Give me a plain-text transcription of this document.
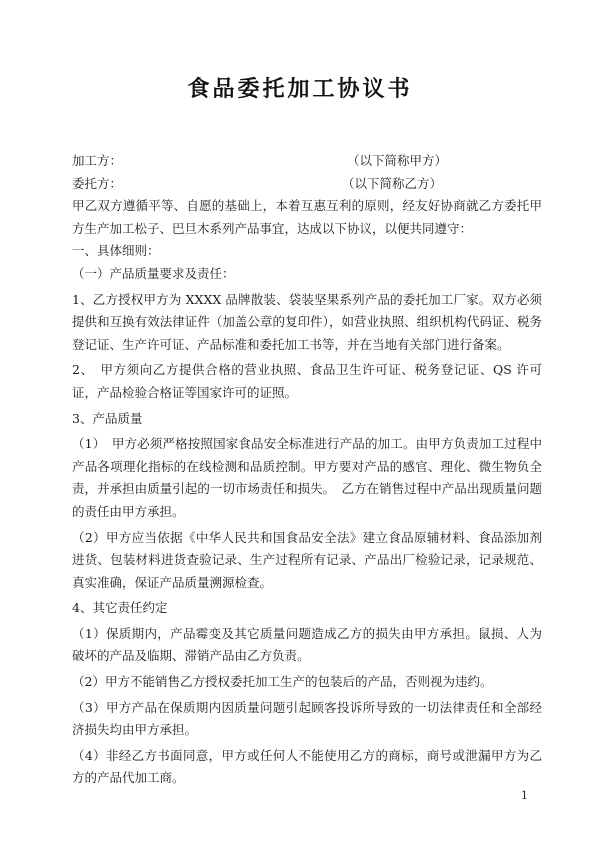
食品委托加工协议书
加工方：	（以下简称甲方）
委托方：	（以下简称乙方）

甲乙双方遵循平等、自愿的基础上，本着互惠互利的原则，经友好协商就乙方委托甲方生产加工松子、巴旦木系列产品事宜，达成以下协议，以便共同遵守：

一、具体细则：

（一）产品质量要求及责任：

1、乙方授权甲方为 XXXX 品牌散装、袋装坚果系列产品的委托加工厂家。双方必须提供和互换有效法律证件（加盖公章的复印件），如营业执照、组织机构代码证、税务登记证、生产许可证、产品标准和委托加工书等，并在当地有关部门进行备案。

2、　甲方须向乙方提供合格的营业执照、食品卫生许可证、税务登记证、QS 许可证，产品检验合格证等国家许可的证照。

3、产品质量

（1）　甲方必须严格按照国家食品安全标准进行产品的加工。由甲方负责加工过程中产品各项理化指标的在线检测和品质控制。甲方要对产品的感官、理化、微生物负全责，并承担由质量引起的一切市场责任和损失。　乙方在销售过程中产品出现质量问题的责任由甲方承担。

（2）甲方应当依据《中华人民共和国食品安全法》建立食品原辅材料、食品添加剂进货、包装材料进货查验记录、生产过程所有记录、产品出厂检验记录，记录规范、真实准确，保证产品质量溯源检查。

4、其它责任约定

（1）保质期内，产品霉变及其它质量问题造成乙方的损失由甲方承担。鼠损、人为破坏的产品及临期、滞销产品由乙方负责。

（2）甲方不能销售乙方授权委托加工生产的包装后的产品，否则视为违约。

（3）甲方产品在保质期内因质量问题引起顾客投诉所导致的一切法律责任和全部经济损失均由甲方承担。

（4）非经乙方书面同意，甲方或任何人不能使用乙方的商标，商号或泄漏甲方为乙方的产品代加工商。

1
